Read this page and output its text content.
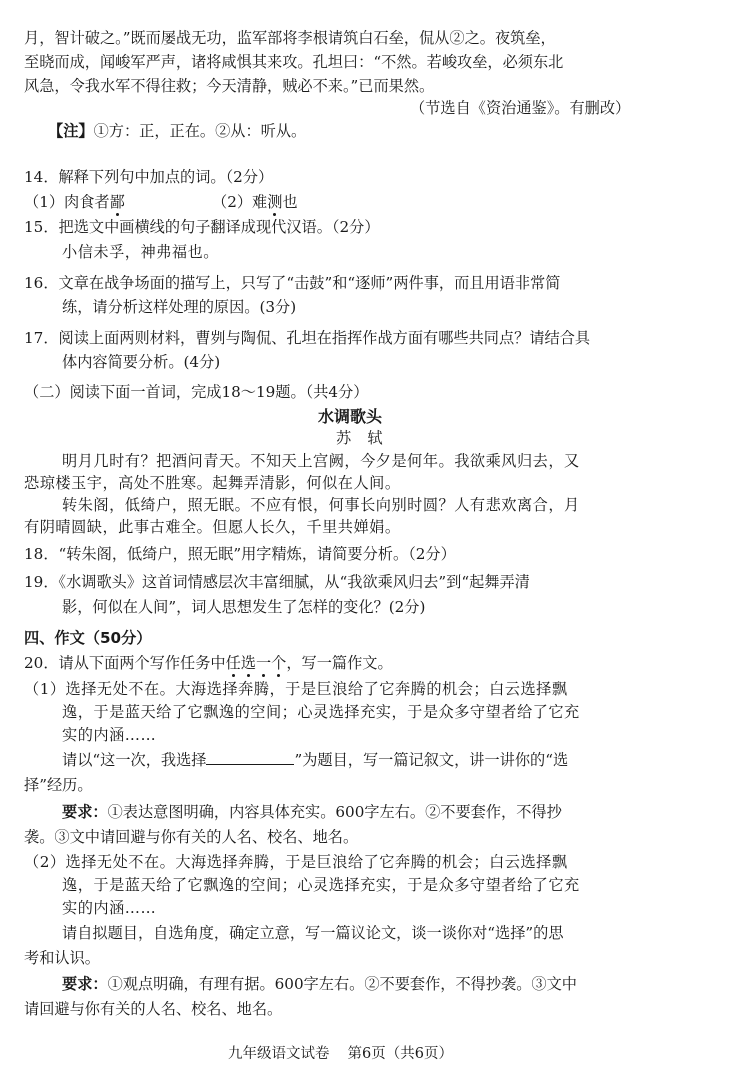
月，智计破之。”既而屡战无功，监军部将李根请筑白石垒，侃从②之。夜筑垒，
至晓而成，闻峻军严声，诸将咸惧其来攻。孔坦曰：“不然。若峻攻垒，必须东北
风急，令我水军不得往救；今天清静，贼必不来。”已而果然。
（节选自《资治通鉴》。有删改）
【注】①方：正，正在。②从：听从。
14．解释下列句中加点的词。（2分）
（1）肉食者鄙	（2）难测也
15．把选文中画横线的句子翻译成现代汉语。（2分）
小信未孚，神弗福也。
16．文章在战争场面的描写上，只写了“击鼓”和“逐师”两件事，而且用语非常简
练，请分析这样处理的原因。(3分)
17．阅读上面两则材料，曹刿与陶侃、孔坦在指挥作战方面有哪些共同点？请结合具
体内容简要分析。(4分)
（二）阅读下面一首词，完成18～19题。（共4分）
水调歌头
苏　轼
明月几时有？把酒问青天。不知天上宫阙，今夕是何年。我欲乘风归去，又
恐琼楼玉宇，高处不胜寒。起舞弄清影，何似在人间。
转朱阁，低绮户，照无眠。不应有恨，何事长向别时圆？人有悲欢离合，月
有阴晴圆缺，此事古难全。但愿人长久，千里共婵娟。
18．“转朱阁，低绮户，照无眠”用字精炼，请简要分析。（2分）
19．《水调歌头》这首词情感层次丰富细腻，从“我欲乘风归去”到“起舞弄清
影，何似在人间”，词人思想发生了怎样的变化？(2分)
四、作文（50分）
20．请从下面两个写作任务中任选一个，写一篇作文。
（1）选择无处不在。大海选择奔腾，于是巨浪给了它奔腾的机会；白云选择飘
逸，于是蓝天给了它飘逸的空间；心灵选择充实，于是众多守望者给了它充
实的内涵……
请以“这一次，我选择	”为题目，写一篇记叙文，讲一讲你的“选
择”经历。
要求：①表达意图明确，内容具体充实。600字左右。②不要套作，不得抄
袭。③文中请回避与你有关的人名、校名、地名。
（2）选择无处不在。大海选择奔腾，于是巨浪给了它奔腾的机会；白云选择飘
逸，于是蓝天给了它飘逸的空间；心灵选择充实，于是众多守望者给了它充
实的内涵……
请自拟题目，自选角度，确定立意，写一篇议论文，谈一谈你对“选择”的思
考和认识。
要求：①观点明确，有理有据。600字左右。②不要套作，不得抄袭。③文中
请回避与你有关的人名、校名、地名。
九年级语文试卷 第6页（共6页）
